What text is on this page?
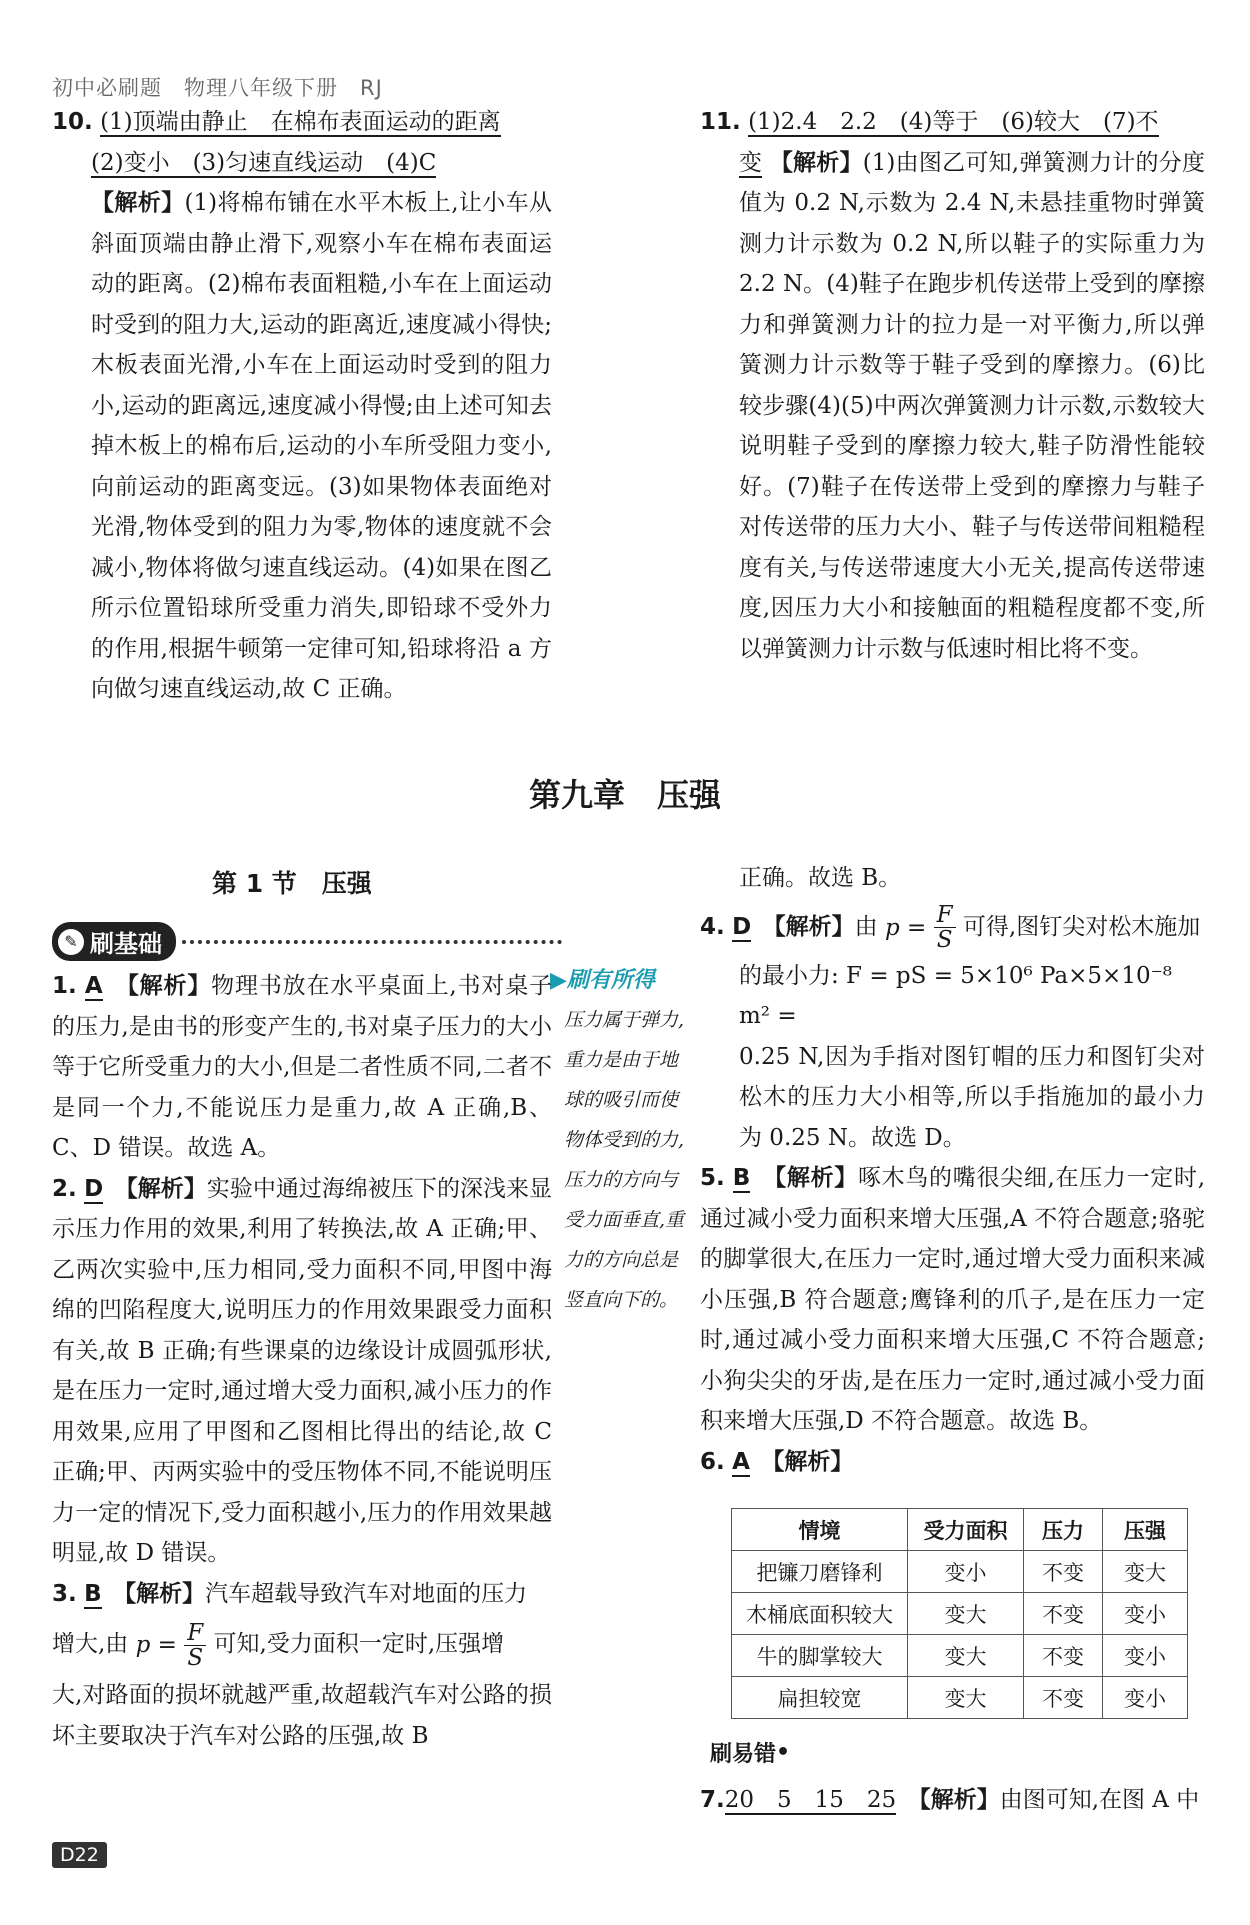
初中必刷题　物理八年级下册　RJ

10. (1)顶端由静止　在棉布表面运动的距离

(2)变小　(3)匀速直线运动　(4)C

【解析】(1)将棉布铺在水平木板上,让小车从斜面顶端由静止滑下,观察小车在棉布表面运动的距离。(2)棉布表面粗糙,小车在上面运动时受到的阻力大,运动的距离近,速度减小得快;木板表面光滑,小车在上面运动时受到的阻力小,运动的距离远,速度减小得慢;由上述可知去掉木板上的棉布后,运动的小车所受阻力变小,向前运动的距离变远。(3)如果物体表面绝对光滑,物体受到的阻力为零,物体的速度就不会减小,物体将做匀速直线运动。(4)如果在图乙所示位置铅球所受重力消失,即铅球不受外力的作用,根据牛顿第一定律可知,铅球将沿 a 方向做匀速直线运动,故 C 正确。

11. (1)2.4　2.2　(4)等于　(6)较大　(7)不

变 【解析】(1)由图乙可知,弹簧测力计的分度值为 0.2 N,示数为 2.4 N,未悬挂重物时弹簧测力计示数为 0.2 N,所以鞋子的实际重力为 2.2 N。(4)鞋子在跑步机传送带上受到的摩擦力和弹簧测力计的拉力是一对平衡力,所以弹簧测力计示数等于鞋子受到的摩擦力。(6)比较步骤(4)(5)中两次弹簧测力计示数,示数较大说明鞋子受到的摩擦力较大,鞋子防滑性能较好。(7)鞋子在传送带上受到的摩擦力与鞋子对传送带的压力大小、鞋子与传送带间粗糙程度有关,与传送带速度大小无关,提高传送带速度,因压力大小和接触面的粗糙程度都不变,所以弹簧测力计示数与低速时相比将不变。

第九章　压强
第 1 节　压强
✎ 刷基础
▶刷有所得
压力属于弹力,重力是由于地球的吸引而使物体受到的力,压力的方向与受力面垂直,重力的方向总是竖直向下的。

1. A　 【解析】物理书放在水平桌面上,书对桌子的压力,是由书的形变产生的,书对桌子压力的大小等于它所受重力的大小,但是二者性质不同,二者不是同一个力,不能说压力是重力,故 A 正确,B、C、D 错误。故选 A。

2. D　 【解析】实验中通过海绵被压下的深浅来显示压力作用的效果,利用了转换法,故 A 正确;甲、乙两次实验中,压力相同,受力面积不同,甲图中海绵的凹陷程度大,说明压力的作用效果跟受力面积有关,故 B 正确;有些课桌的边缘设计成圆弧形状,是在压力一定时,通过增大受力面积,减小压力的作用效果,应用了甲图和乙图相比得出的结论,故 C 正确;甲、丙两实验中的受压物体不同,不能说明压力一定的情况下,受力面积越小,压力的作用效果越明显,故 D 错误。

3. B　 【解析】汽车超载导致汽车对地面的压力

增大,由 p
=
$\frac{F}{S}$ 可知,受力面积一定时,压强增

大,对路面的损坏就越严重,故超载汽车对公路的损坏主要取决于汽车对公路的压强,故 B

正确。故选 B。

4. D　 【解析】由 p
=
$\frac{F}{S}$ 可得,图钉尖对松木施加

的最小力: F = pS = 5×10⁶ Pa×5×10⁻⁸ m² =

0.25 N,因为手指对图钉帽的压力和图钉尖对松木的压力大小相等,所以手指施加的最小力为 0.25 N。故选 D。

5. B　 【解析】啄木鸟的嘴很尖细,在压力一定时,通过减小受力面积来增大压强,A 不符合题意;骆驼的脚掌很大,在压力一定时,通过增大受力面积来减小压强,B 符合题意;鹰锋利的爪子,是在压力一定时,通过减小受力面积来增大压强,C 不符合题意;小狗尖尖的牙齿,是在压力一定时,通过减小受力面积来增大压强,D 不符合题意。故选 B。

6. A　 【解析】

情境	受力面积	压力	压强
把镰刀磨锋利	变小	不变	变大
木桶底面积较大	变大	不变	变小
牛的脚掌较大	变大	不变	变小
扁担较宽	变大	不变	变小
刷易错 •

7.20　5　15　25　 【解析】由图可知,在图 A 中

D22
